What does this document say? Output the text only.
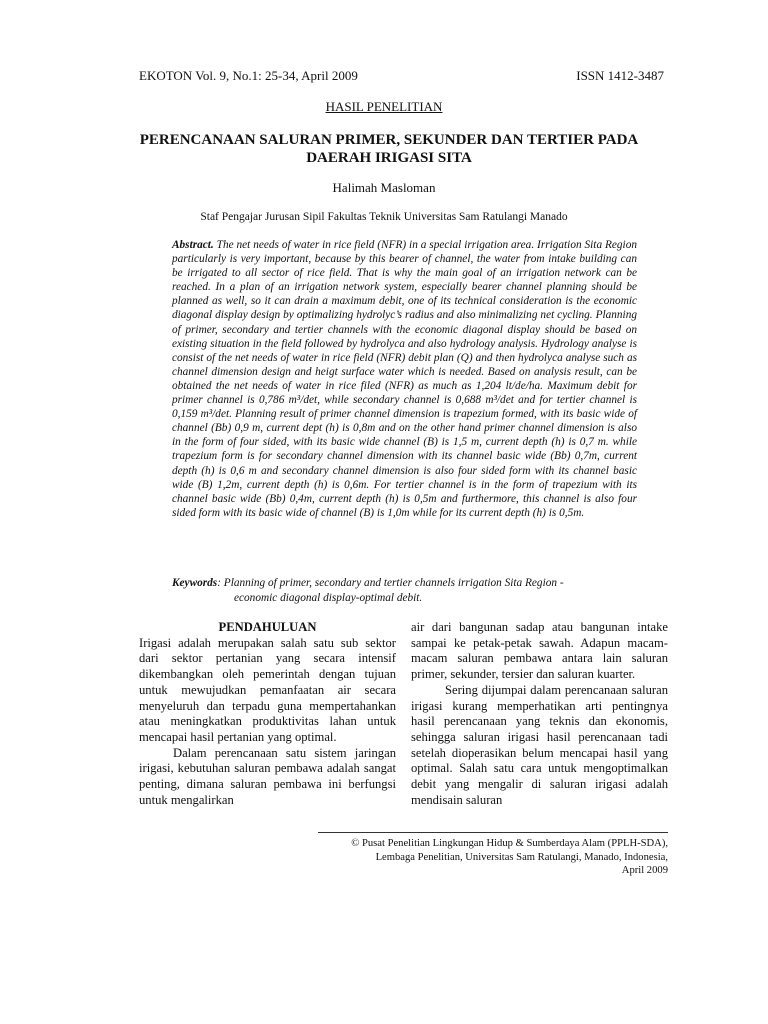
EKOTON Vol. 9, No.1: 25-34, April 2009	ISSN 1412-3487
HASIL PENELITIAN
PERENCANAAN SALURAN PRIMER, SEKUNDER DAN TERTIER PADA DAERAH IRIGASI SITA
Halimah Masloman
Staf Pengajar Jurusan Sipil Fakultas Teknik Universitas Sam Ratulangi Manado
Abstract. The net needs of water in rice field (NFR) in a special irrigation area. Irrigation Sita Region particularly is very important, because by this bearer of channel, the water from intake building can be irrigated to all sector of rice field. That is why the main goal of an irrigation network can be reached. In a plan of an irrigation network system, especially bearer channel planning should be planned as well, so it can drain a maximum debit, one of its technical consideration is the economic diagonal display design by optimalizing hydrolyc’s radius and also minimalizing net cycling. Planning of primer, secondary and tertier channels with the economic diagonal display should be based on existing situation in the field followed by hydrolyca and also hydrology analysis. Hydrology analyse is consist of the net needs of water in rice field (NFR) debit plan (Q) and then hydrolyca analyse such as channel dimension design and heigt surface water which is needed. Based on analysis result, can be obtained the net needs of water in rice filed (NFR) as much as 1,204 lt/de/ha. Maximum debit for primer channel is 0,786 m³/det, while secondary channel is 0,688 m³/det and for tertier channel is 0,159 m³/det. Planning result of primer channel dimension is trapezium formed, with its basic wide of channel (Bb) 0,9 m, current dept (h) is 0,8m and on the other hand primer channel dimension is also in the form of four sided, with its basic wide channel (B) is 1,5 m, current depth (h) is 0,7 m. while trapezium form is for secondary channel dimension with its channel basic wide (Bb) 0,7m, current depth (h) is 0,6 m and secondary channel dimension is also four sided form with its channel basic wide (B) 1,2m, current depth (h) is 0,6m. For tertier channel is in the form of trapezium with its channel basic wide (Bb) 0,4m, current depth (h) is 0,5m and furthermore, this channel is also four sided form with its basic wide of channel (B) is 1,0m while for its current depth (h) is 0,5m.
Keywords: Planning of primer, secondary and tertier channels irrigation Sita Region -
economic diagonal display-optimal debit.
PENDAHULUAN

Irigasi adalah merupakan salah satu sub sektor dari sektor pertanian yang secara intensif dikembangkan oleh pemerintah dengan tujuan untuk mewujudkan pemanfaatan air secara menyeluruh dan terpadu guna mempertahankan atau meningkatkan produktivitas lahan untuk mencapai hasil pertanian yang optimal.

Dalam perencanaan satu sistem jaringan irigasi, kebutuhan saluran pembawa adalah sangat penting, dimana saluran pembawa ini berfungsi untuk mengalirkan

air dari bangunan sadap atau bangunan intake sampai ke petak-petak sawah. Adapun macam-macam saluran pembawa antara lain saluran primer, sekunder, tersier dan saluran kuarter.

Sering dijumpai dalam perencanaan saluran irigasi kurang memperhatikan arti pentingnya hasil perencanaan yang teknis dan ekonomis, sehingga saluran irigasi hasil perencanaan tadi setelah dioperasikan belum mencapai hasil yang optimal. Salah satu cara untuk mengoptimalkan debit yang mengalir di saluran irigasi adalah mendisain saluran

© Pusat Penelitian Lingkungan Hidup & Sumberdaya Alam (PPLH-SDA),
Lembaga Penelitian, Universitas Sam Ratulangi, Manado, Indonesia,
April 2009
